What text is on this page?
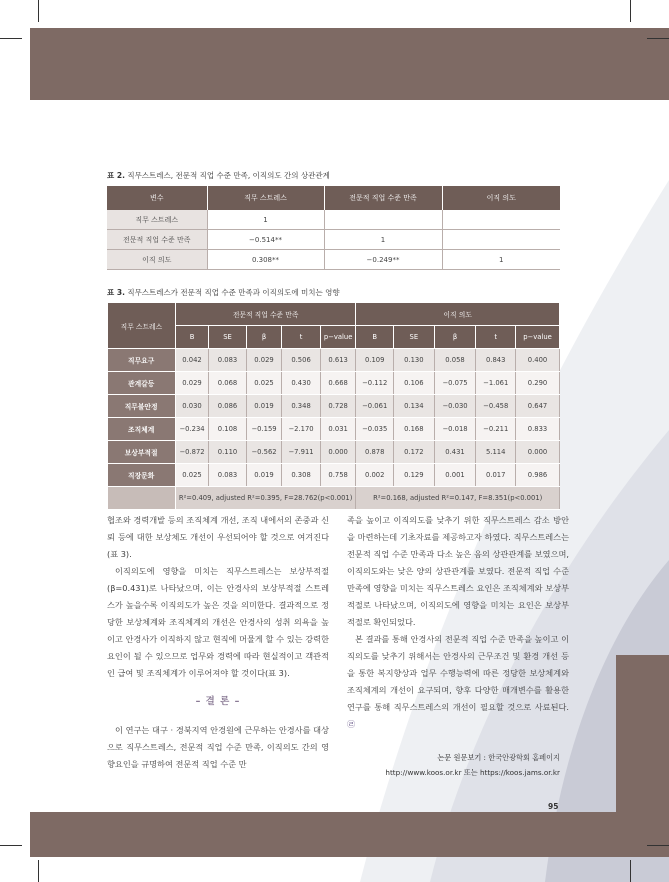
표 2. 직무스트레스, 전문적 직업 수준 만족, 이직의도 간의 상관관계
변수	직무 스트레스	전문적 직업 수준 만족	이직 의도
직무 스트레스	1		
전문적 직업 수준 만족	−0.514**	1	
이직 의도	0.308**	−0.249**	1
표 3. 직무스트레스가 전문적 직업 수준 만족과 이직의도에 미치는 영향
직무 스트레스	전문적 직업 수준 만족					이직 의도				
	B	SE	β	t	p−value	B	SE	β	t	p−value
직무요구	0.042	0.083	0.029	0.506	0.613	0.109	0.130	0.058	0.843	0.400
관계갈등	0.029	0.068	0.025	0.430	0.668	−0.112	0.106	−0.075	−1.061	0.290
직무불안정	0.030	0.086	0.019	0.348	0.728	−0.061	0.134	−0.030	−0.458	0.647
조직체계	−0.234	0.108	−0.159	−2.170	0.031	−0.035	0.168	−0.018	−0.211	0.833
보상부적절	−0.872	0.110	−0.562	−7.911	0.000	0.878	0.172	0.431	5.114	0.000
직장문화	0.025	0.083	0.019	0.308	0.758	0.002	0.129	0.001	0.017	0.986
	R²=0.409, adjusted R²=0.395, F=28.762(p<0.001)					R²=0.168, adjusted R²=0.147, F=8.351(p<0.001)				

협조와 경력개발 등의 조직체계 개선, 조직 내에서의 존중과 신뢰 등에 대한 보상체도 개선이 우선되어야 할 것으로 여겨진다(표 3).

이직의도에 영향을 미치는 직무스트레스는 보상부적절(β=0.431)로 나타났으며, 이는 안경사의 보상부적절 스트레스가 높을수록 이직의도가 높은 것을 의미한다. 결과적으로 정당한 보상체계와 조직체계의 개선은 안경사의 성취 의욕을 높이고 안경사가 이직하지 않고 현직에 머물게 할 수 있는 강력한 요인이 될 수 있으므로 업무와 경력에 따라 현실적이고 객관적인 급여 및 조직체계가 이루어져야 할 것이다(표 3).

– 결 론 –

이 연구는 대구 · 경북지역 안경원에 근무하는 안경사를 대상으로 직무스트레스, 전문적 직업 수준 만족, 이직의도 간의 영향요인을 규명하여 전문적 직업 수준 만

족을 높이고 이직의도를 낮추기 위한 직무스트레스 감소 방안을 마련하는데 기초자료를 제공하고자 하였다. 직무스트레스는 전문적 직업 수준 만족과 다소 높은 음의 상관관계를 보였으며, 이직의도와는 낮은 양의 상관관계를 보였다. 전문적 직업 수준 만족에 영향을 미치는 직무스트레스 요인은 조직체계와 보상부적절로 나타났으며, 이직의도에 영향을 미치는 요인은 보상부적절로 확인되었다.

본 결과를 통해 안경사의 전문적 직업 수준 만족을 높이고 이직의도를 낮추기 위해서는 안경사의 근무조건 및 환경 개선 등을 통한 복지향상과 업무 수행능력에 따른 정당한 보상체계와 조직체계의 개선이 요구되며, 향후 다양한 매개변수를 활용한 연구를 통해 직무스트레스의 개선이 필요할 것으로 사료된다. ㉣

논문 원문보기 : 한국안광학회 홈페이지
http://www.koos.or.kr 또는 https://koos.jams.or.kr
95
